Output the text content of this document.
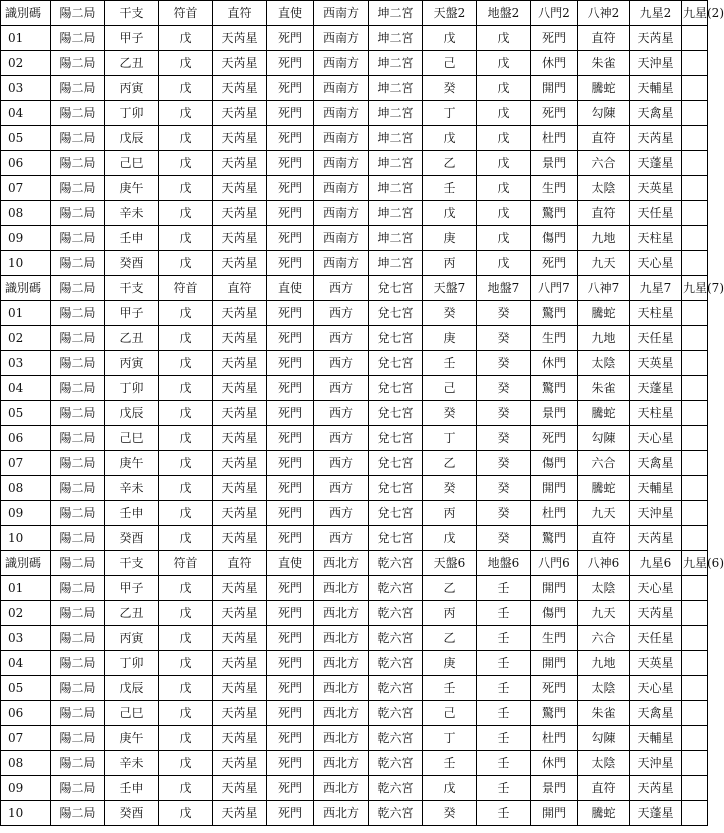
識別碼	陽二局	干支	符首	直符	直使	西南方	坤二宮	天盤2	地盤2	八門2	八神2	九星2	九星(2)
01	陽二局	甲子	戊	天芮星	死門	西南方	坤二宮	戊	戊	死門	直符	天芮星	
02	陽二局	乙丑	戊	天芮星	死門	西南方	坤二宮	己	戊	休門	朱雀	天沖星	
03	陽二局	丙寅	戊	天芮星	死門	西南方	坤二宮	癸	戊	開門	騰蛇	天輔星	
04	陽二局	丁卯	戊	天芮星	死門	西南方	坤二宮	丁	戊	死門	勾陳	天禽星	
05	陽二局	戊辰	戊	天芮星	死門	西南方	坤二宮	戊	戊	杜門	直符	天芮星	
06	陽二局	己巳	戊	天芮星	死門	西南方	坤二宮	乙	戊	景門	六合	天蓬星	
07	陽二局	庚午	戊	天芮星	死門	西南方	坤二宮	壬	戊	生門	太陰	天英星	
08	陽二局	辛未	戊	天芮星	死門	西南方	坤二宮	戊	戊	驚門	直符	天任星	
09	陽二局	壬申	戊	天芮星	死門	西南方	坤二宮	庚	戊	傷門	九地	天柱星	
10	陽二局	癸酉	戊	天芮星	死門	西南方	坤二宮	丙	戊	死門	九天	天心星	
識別碼	陽二局	干支	符首	直符	直使	西方	兌七宮	天盤7	地盤7	八門7	八神7	九星7	九星(7)
01	陽二局	甲子	戊	天芮星	死門	西方	兌七宮	癸	癸	驚門	騰蛇	天柱星	
02	陽二局	乙丑	戊	天芮星	死門	西方	兌七宮	庚	癸	生門	九地	天任星	
03	陽二局	丙寅	戊	天芮星	死門	西方	兌七宮	壬	癸	休門	太陰	天英星	
04	陽二局	丁卯	戊	天芮星	死門	西方	兌七宮	己	癸	驚門	朱雀	天蓬星	
05	陽二局	戊辰	戊	天芮星	死門	西方	兌七宮	癸	癸	景門	騰蛇	天柱星	
06	陽二局	己巳	戊	天芮星	死門	西方	兌七宮	丁	癸	死門	勾陳	天心星	
07	陽二局	庚午	戊	天芮星	死門	西方	兌七宮	乙	癸	傷門	六合	天禽星	
08	陽二局	辛未	戊	天芮星	死門	西方	兌七宮	癸	癸	開門	騰蛇	天輔星	
09	陽二局	壬申	戊	天芮星	死門	西方	兌七宮	丙	癸	杜門	九天	天沖星	
10	陽二局	癸酉	戊	天芮星	死門	西方	兌七宮	戊	癸	驚門	直符	天芮星	
識別碼	陽二局	干支	符首	直符	直使	西北方	乾六宮	天盤6	地盤6	八門6	八神6	九星6	九星(6)
01	陽二局	甲子	戊	天芮星	死門	西北方	乾六宮	乙	壬	開門	太陰	天心星	
02	陽二局	乙丑	戊	天芮星	死門	西北方	乾六宮	丙	壬	傷門	九天	天芮星	
03	陽二局	丙寅	戊	天芮星	死門	西北方	乾六宮	乙	壬	生門	六合	天任星	
04	陽二局	丁卯	戊	天芮星	死門	西北方	乾六宮	庚	壬	開門	九地	天英星	
05	陽二局	戊辰	戊	天芮星	死門	西北方	乾六宮	壬	壬	死門	太陰	天心星	
06	陽二局	己巳	戊	天芮星	死門	西北方	乾六宮	己	壬	驚門	朱雀	天禽星	
07	陽二局	庚午	戊	天芮星	死門	西北方	乾六宮	丁	壬	杜門	勾陳	天輔星	
08	陽二局	辛未	戊	天芮星	死門	西北方	乾六宮	壬	壬	休門	太陰	天沖星	
09	陽二局	壬申	戊	天芮星	死門	西北方	乾六宮	戊	壬	景門	直符	天芮星	
10	陽二局	癸酉	戊	天芮星	死門	西北方	乾六宮	癸	壬	開門	騰蛇	天蓬星	
